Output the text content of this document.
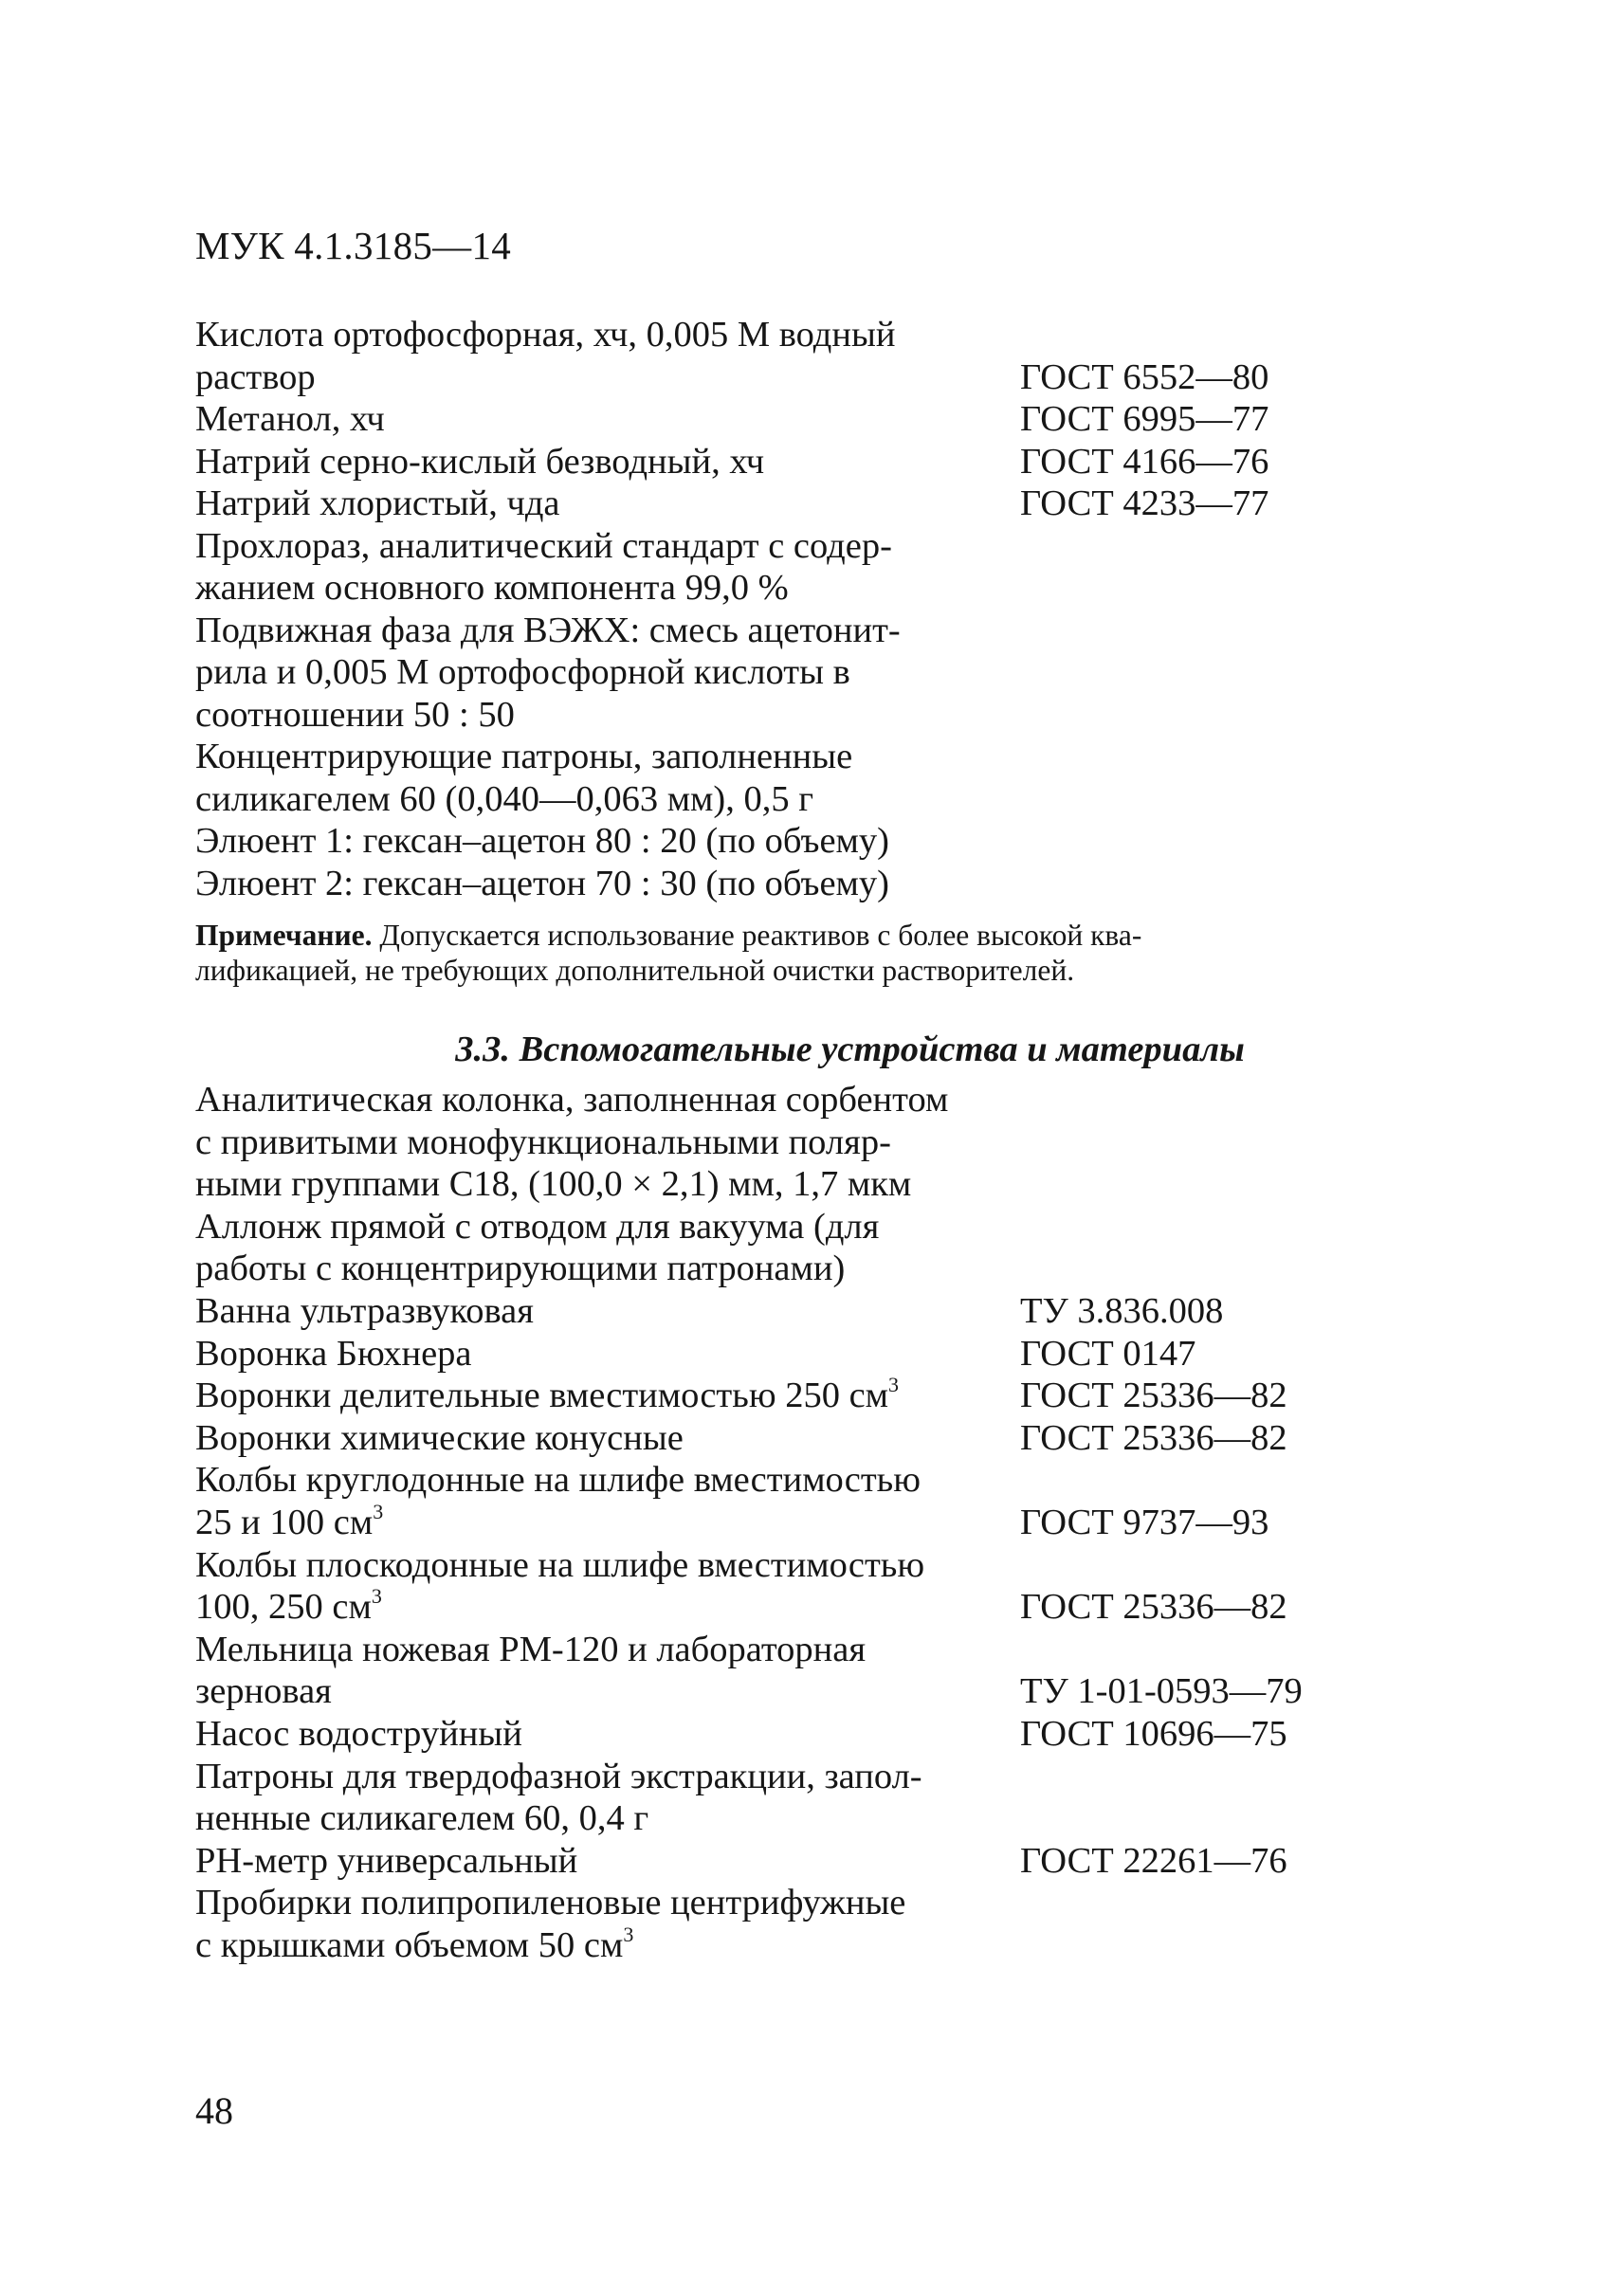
МУК 4.1.3185—14
Кислота ортофосфорная, хч, 0,005 М водный
раствор	ГОСТ 6552—80
Метанол, хч	ГОСТ 6995—77
Натрий серно-кислый безводный, хч	ГОСТ 4166—76
Натрий хлористый, чда	ГОСТ 4233—77
Прохлораз, аналитический стандарт с содер-
жанием основного компонента 99,0 %
Подвижная фаза для ВЭЖХ: смесь ацетонит-
рила и 0,005 М ортофосфорной кислоты в
соотношении 50 : 50
Концентрирующие патроны, заполненные
силикагелем 60 (0,040—0,063 мм), 0,5 г
Элюент 1: гексан–ацетон 80 : 20 (по объему)
Элюент 2: гексан–ацетон 70 : 30 (по объему)
Примечание. Допускается использование реактивов с более высокой ква-
лификацией, не требующих дополнительной очистки растворителей.
3.3. Вспомогательные устройства и материалы
Аналитическая колонка, заполненная сорбентом
с привитыми монофункциональными поляр-
ными группами С18, (100,0 × 2,1) мм, 1,7 мкм
Аллонж прямой с отводом для вакуума (для
работы с концентрирующими патронами)
Ванна ультразвуковая	ТУ 3.836.008
Воронка Бюхнера	ГОСТ 0147
Воронки делительные вместимостью 250 $см^3$	ГОСТ 25336—82
Воронки химические конусные	ГОСТ 25336—82
Колбы круглодонные на шлифе вместимостью
25 и 100 $см^3$	ГОСТ 9737—93
Колбы плоскодонные на шлифе вместимостью
100, 250 $см^3$	ГОСТ 25336—82
Мельница ножевая РМ-120 и лабораторная
зерновая	ТУ 1-01-0593—79
Насос водоструйный	ГОСТ 10696—75
Патроны для твердофазной экстракции, запол-
ненные силикагелем 60, 0,4 г
РН-метр универсальный	ГОСТ 22261—76
Пробирки полипропиленовые центрифужные
с крышками объемом 50 $см^3$
48
